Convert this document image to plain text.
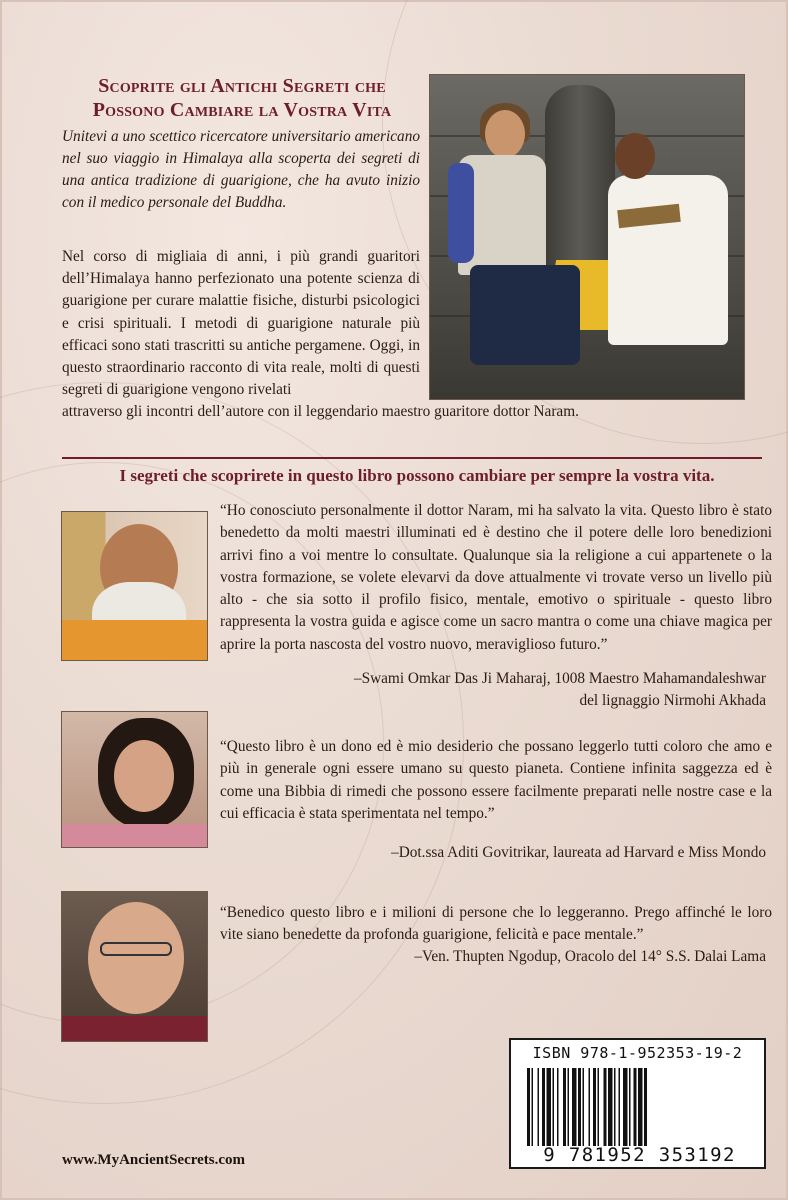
Scoprite gli Antichi Segreti che
Possono Cambiare la Vostra Vita

Unitevi a uno scettico ricercatore universitario americano nel suo viaggio in Himalaya alla scoperta dei segreti di una antica tradizione di guarigione, che ha avuto inizio con il medico personale del Buddha.

Nel corso di migliaia di anni, i più grandi guaritori dell’Himalaya hanno perfezionato una potente scienza di guarigione per curare malattie fisiche, disturbi psicologici e crisi spirituali. I metodi di guarigione naturale più efficaci sono stati trascritti su antiche pergamene. Oggi, in questo straordinario racconto di vita reale, molti di questi segreti di guarigione vengono rivelati
attraverso gli incontri dell’autore con il leggendario maestro guaritore dottor Naram.

I segreti che scoprirete in questo libro possono cambiare per sempre la vostra vita.

“Ho conosciuto personalmente il dottor Naram, mi ha salvato la vita. Questo libro è stato benedetto da molti maestri illuminati ed è destino che il potere delle loro benedizioni arrivi fino a voi mentre lo consultate. Qualunque sia la religione a cui appartenete o la vostra formazione, se volete elevarvi da dove attualmente vi trovate verso un livello più alto - che sia sotto il profilo fisico, mentale, emotivo o spirituale - questo libro rappresenta la vostra guida e agisce come un sacro mantra o come una chiave magica per aprire la porta nascosta del vostro nuovo, meraviglioso futuro.”

–Swami Omkar Das Ji Maharaj, 1008 Maestro Mahamandaleshwar
del lignaggio Nirmohi Akhada

“Questo libro è un dono ed è mio desiderio che possano leggerlo tutti coloro che amo e più in generale ogni essere umano su questo pianeta. Contiene infinita saggezza ed è come una Bibbia di rimedi che possono essere facilmente preparati nelle nostre case e la cui efficacia è stata sperimentata nel tempo.”

–Dot.ssa Aditi Govitrikar, laureata ad Harvard e Miss Mondo

“Benedico questo libro e i milioni di persone che lo leggeranno. Prego affinché le loro vite siano benedette da profonda guarigione, felicità e pace mentale.”

–Ven. Thupten Ngodup, Oracolo del 14° S.S. Dalai Lama

www.MyAncientSecrets.com

ISBN 978-1-952353-19-2

9 781952 353192
